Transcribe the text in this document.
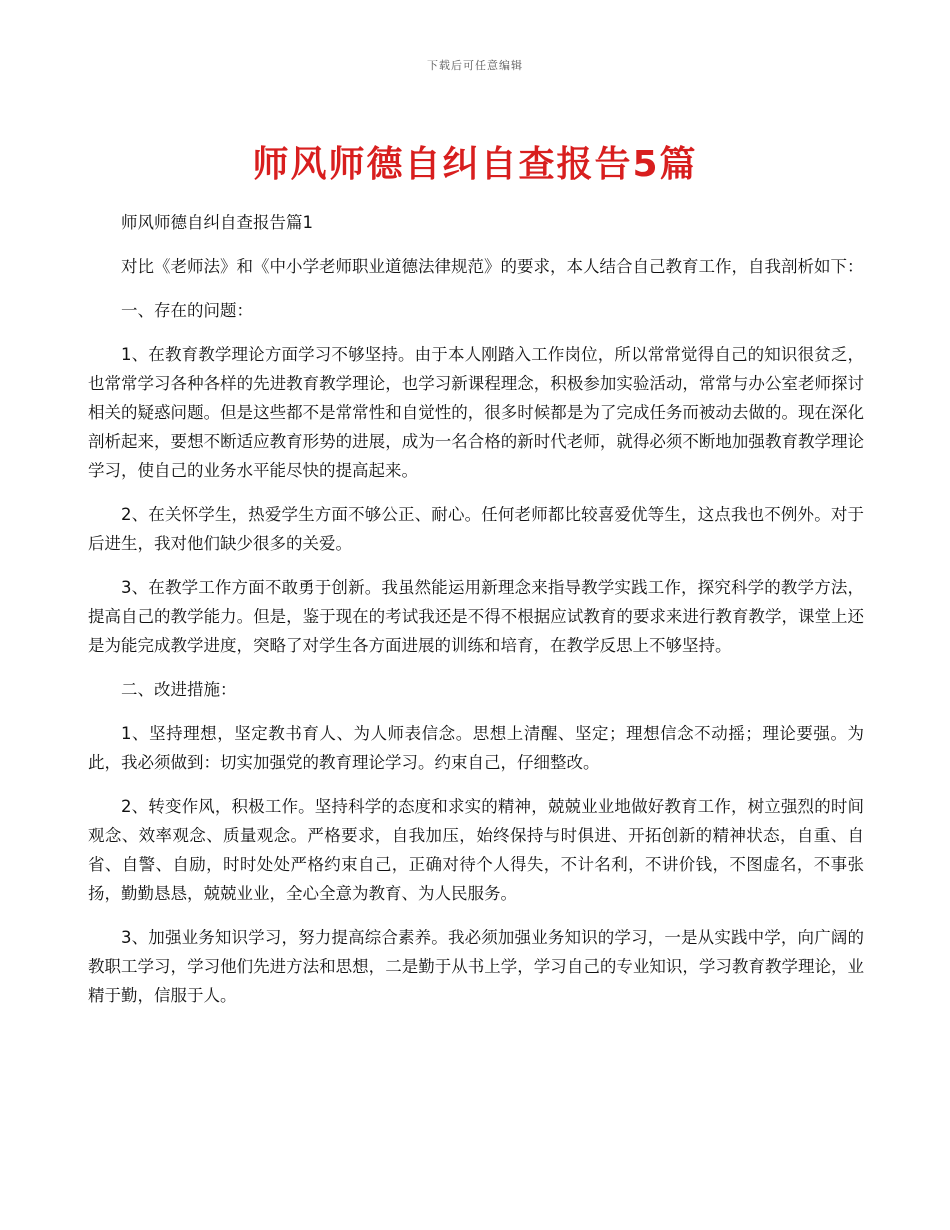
下载后可任意编辑
师风师德自纠自查报告5篇

师风师德自纠自查报告篇1

对比《老师法》和《中小学老师职业道德法律规范》的要求，本人结合自己教育工作，自我剖析如下：

一、存在的问题：

1、在教育教学理论方面学习不够坚持。由于本人刚踏入工作岗位，所以常常觉得自己的知识很贫乏，也常常学习各种各样的先进教育教学理论，也学习新课程理念，积极参加实验活动，常常与办公室老师探讨相关的疑惑问题。但是这些都不是常常性和自觉性的，很多时候都是为了完成任务而被动去做的。现在深化剖析起来，要想不断适应教育形势的进展，成为一名合格的新时代老师，就得必须不断地加强教育教学理论学习，使自己的业务水平能尽快的提高起来。

2、在关怀学生，热爱学生方面不够公正、耐心。任何老师都比较喜爱优等生，这点我也不例外。对于后进生，我对他们缺少很多的关爱。

3、在教学工作方面不敢勇于创新。我虽然能运用新理念来指导教学实践工作，探究科学的教学方法，提高自己的教学能力。但是，鉴于现在的考试我还是不得不根据应试教育的要求来进行教育教学，课堂上还是为能完成教学进度，突略了对学生各方面进展的训练和培育，在教学反思上不够坚持。

二、改进措施：

1、坚持理想，坚定教书育人、为人师表信念。思想上清醒、坚定；理想信念不动摇；理论要强。为此，我必须做到：切实加强党的教育理论学习。约束自己，仔细整改。

2、转变作风，积极工作。坚持科学的态度和求实的精神，兢兢业业地做好教育工作，树立强烈的时间观念、效率观念、质量观念。严格要求，自我加压，始终保持与时俱进、开拓创新的精神状态，自重、自省、自警、自励，时时处处严格约束自己，正确对待个人得失，不计名利，不讲价钱，不图虚名，不事张扬，勤勤恳恳，兢兢业业，全心全意为教育、为人民服务。

3、加强业务知识学习，努力提高综合素养。我必须加强业务知识的学习，一是从实践中学，向广阔的教职工学习，学习他们先进方法和思想，二是勤于从书上学，学习自己的专业知识，学习教育教学理论，业精于勤，信服于人。
